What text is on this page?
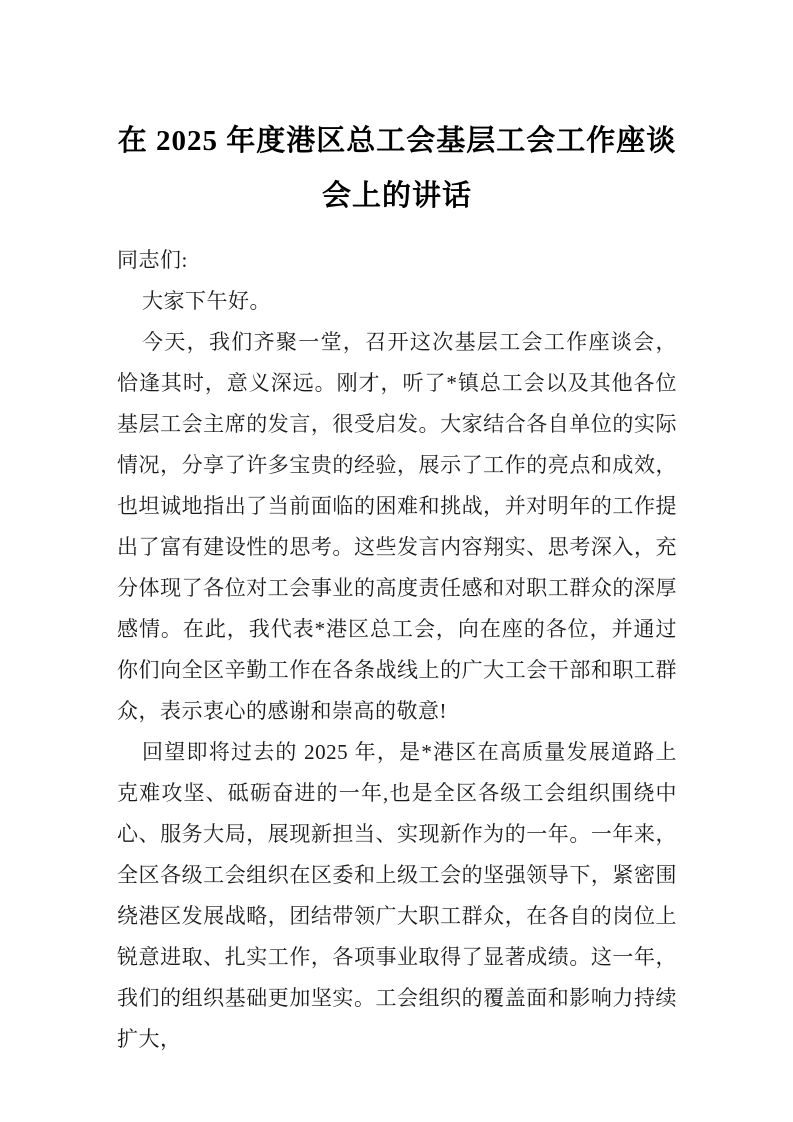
在 2025 年度港区总工会基层工会工作座谈会上的讲话

同志们:

大家下午好。

今天，我们齐聚一堂，召开这次基层工会工作座谈会，恰逢其时，意义深远。刚才，听了*镇总工会以及其他各位基层工会主席的发言，很受启发。大家结合各自单位的实际情况，分享了许多宝贵的经验，展示了工作的亮点和成效，也坦诚地指出了当前面临的困难和挑战，并对明年的工作提出了富有建设性的思考。这些发言内容翔实、思考深入，充分体现了各位对工会事业的高度责任感和对职工群众的深厚感情。在此，我代表*港区总工会，向在座的各位，并通过你们向全区辛勤工作在各条战线上的广大工会干部和职工群众，表示衷心的感谢和崇高的敬意!

回望即将过去的 2025 年，是*港区在高质量发展道路上克难攻坚、砥砺奋进的一年,也是全区各级工会组织围绕中心、服务大局，展现新担当、实现新作为的一年。一年来，全区各级工会组织在区委和上级工会的坚强领导下，紧密围绕港区发展战略，团结带领广大职工群众，在各自的岗位上锐意进取、扎实工作，各项事业取得了显著成绩。这一年，我们的组织基础更加坚实。工会组织的覆盖面和影响力持续扩大，
